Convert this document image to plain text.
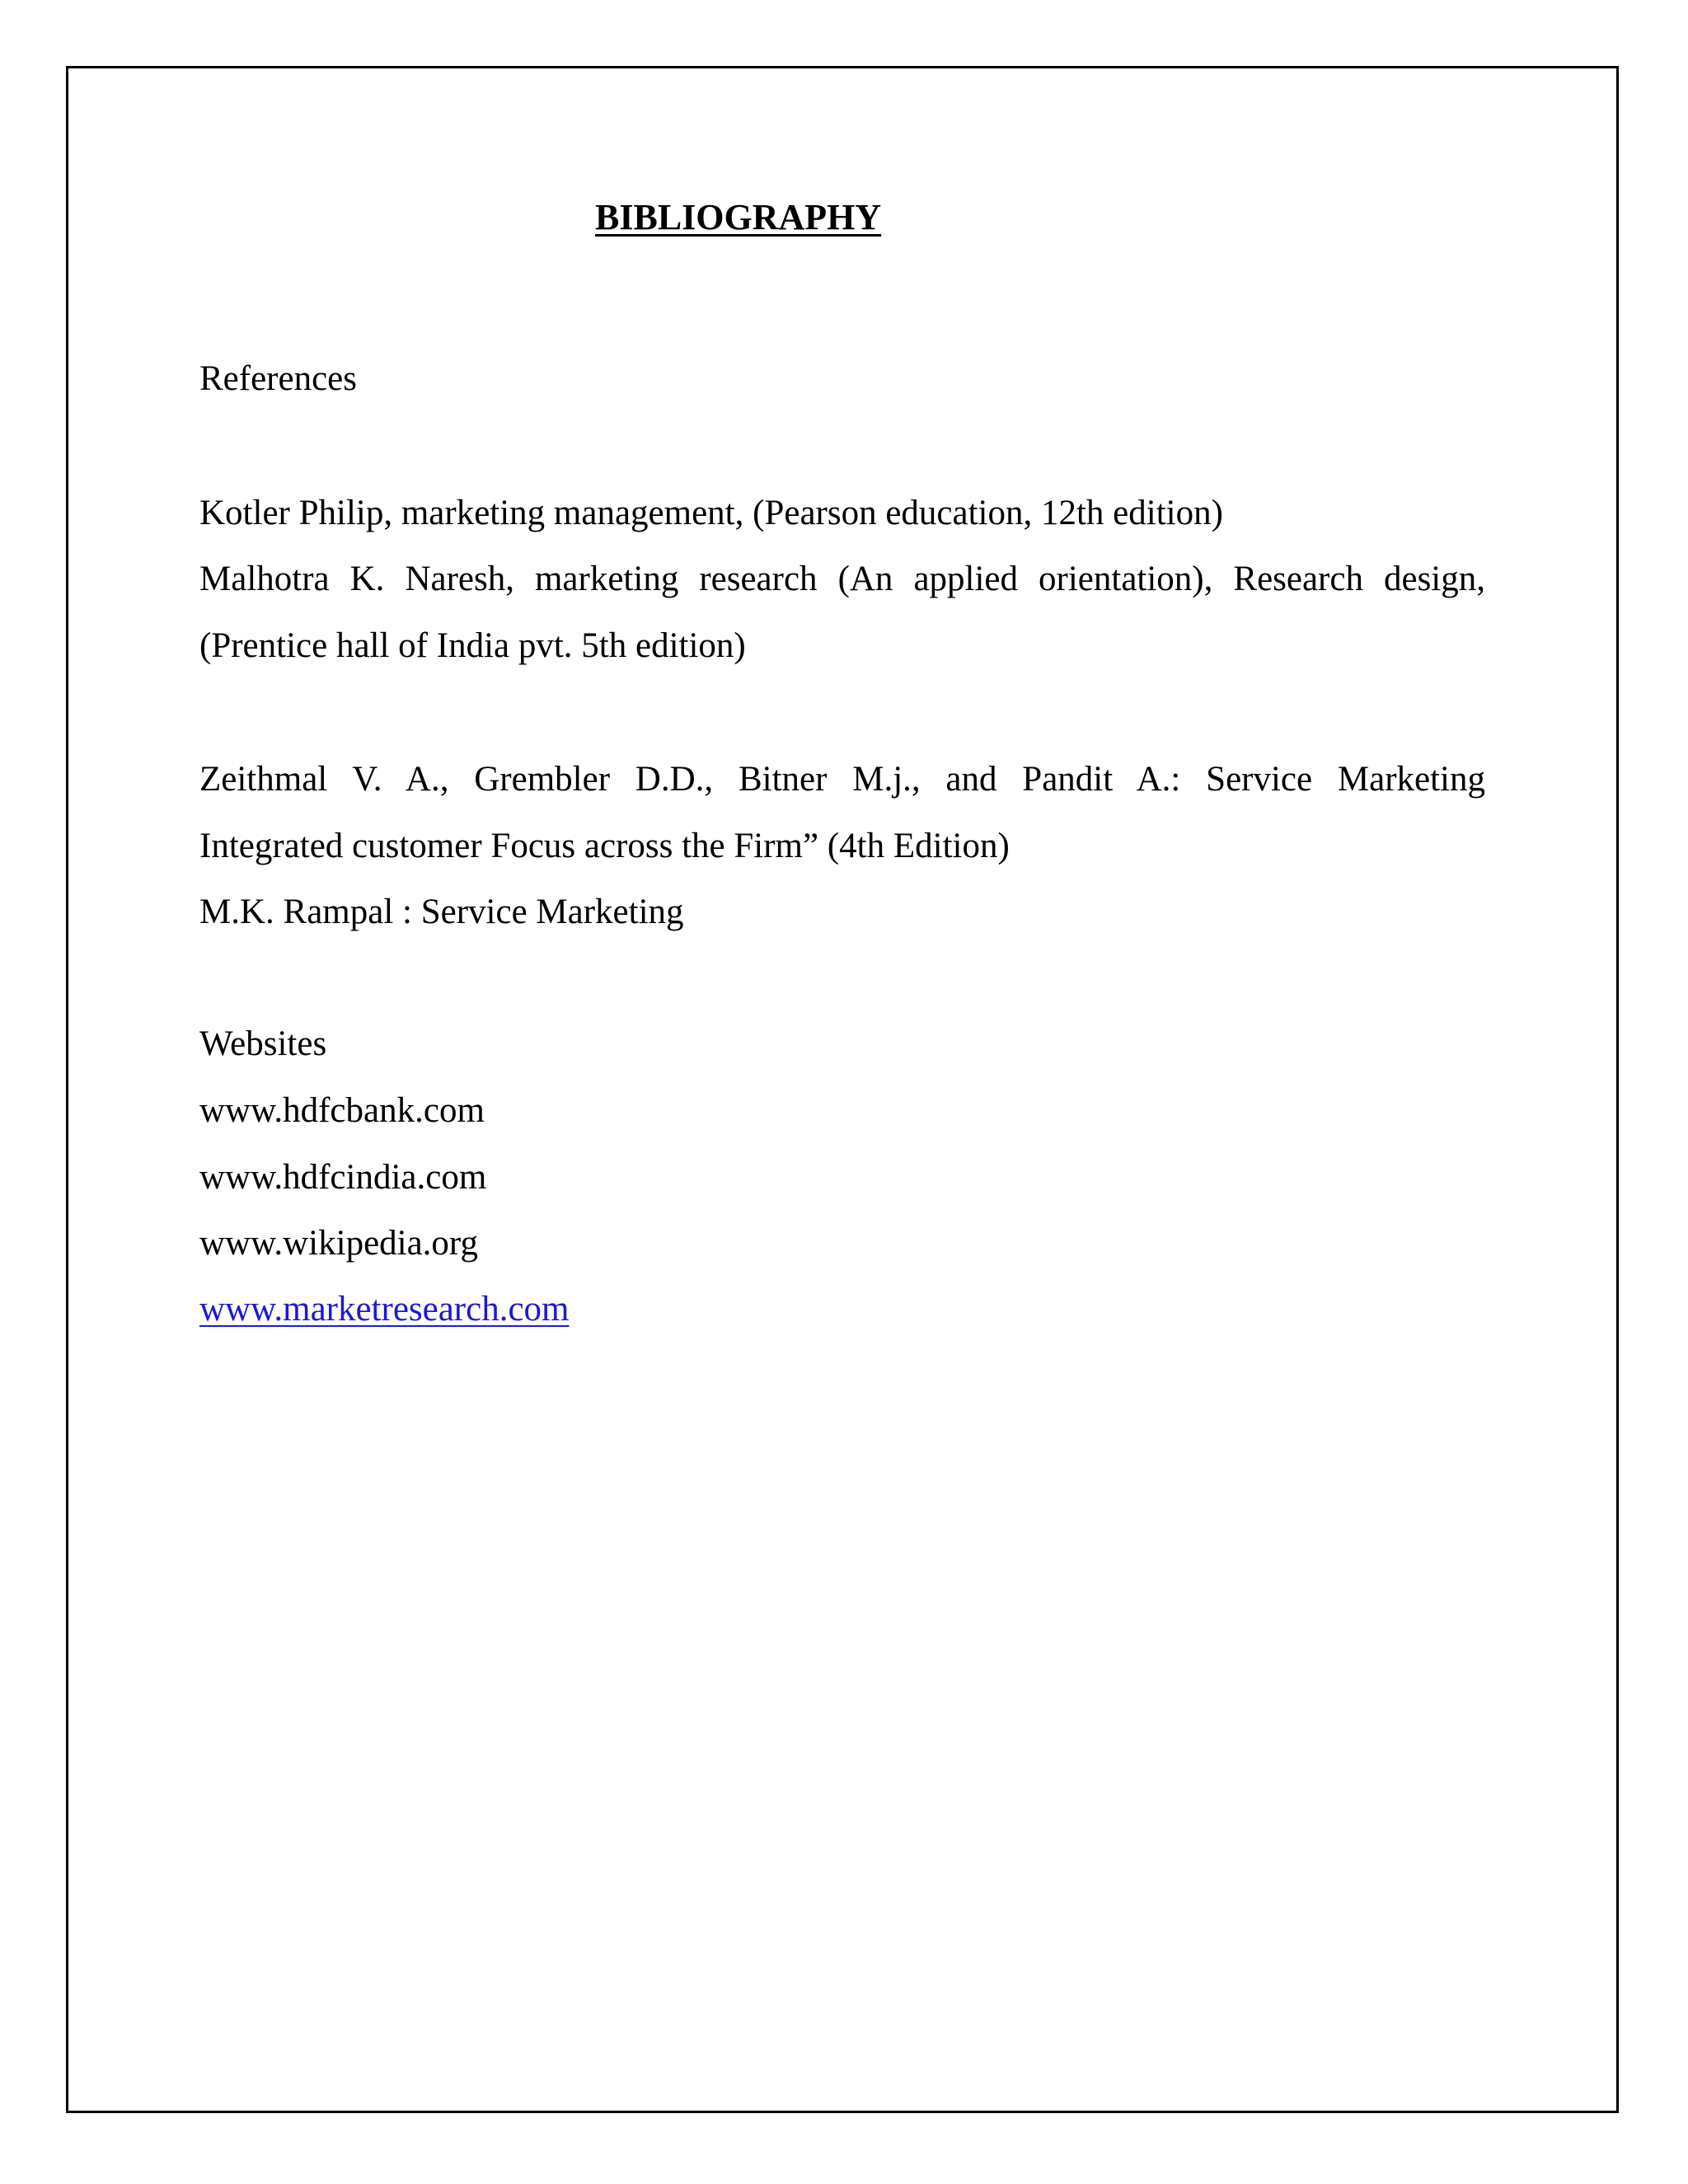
BIBLIOGRAPHY
References
Kotler Philip, marketing management, (Pearson education, 12th edition)
Malhotra K. Naresh, marketing research (An applied orientation), Research design,
(Prentice hall of India pvt. 5th edition)
Zeithmal V. A., Grembler D.D., Bitner M.j., and Pandit A.: Service Marketing
Integrated customer Focus across the Firm” (4th Edition)
M.K. Rampal : Service Marketing
Websites
www.hdfcbank.com
www.hdfcindia.com
www.wikipedia.org
www.marketresearch.com
